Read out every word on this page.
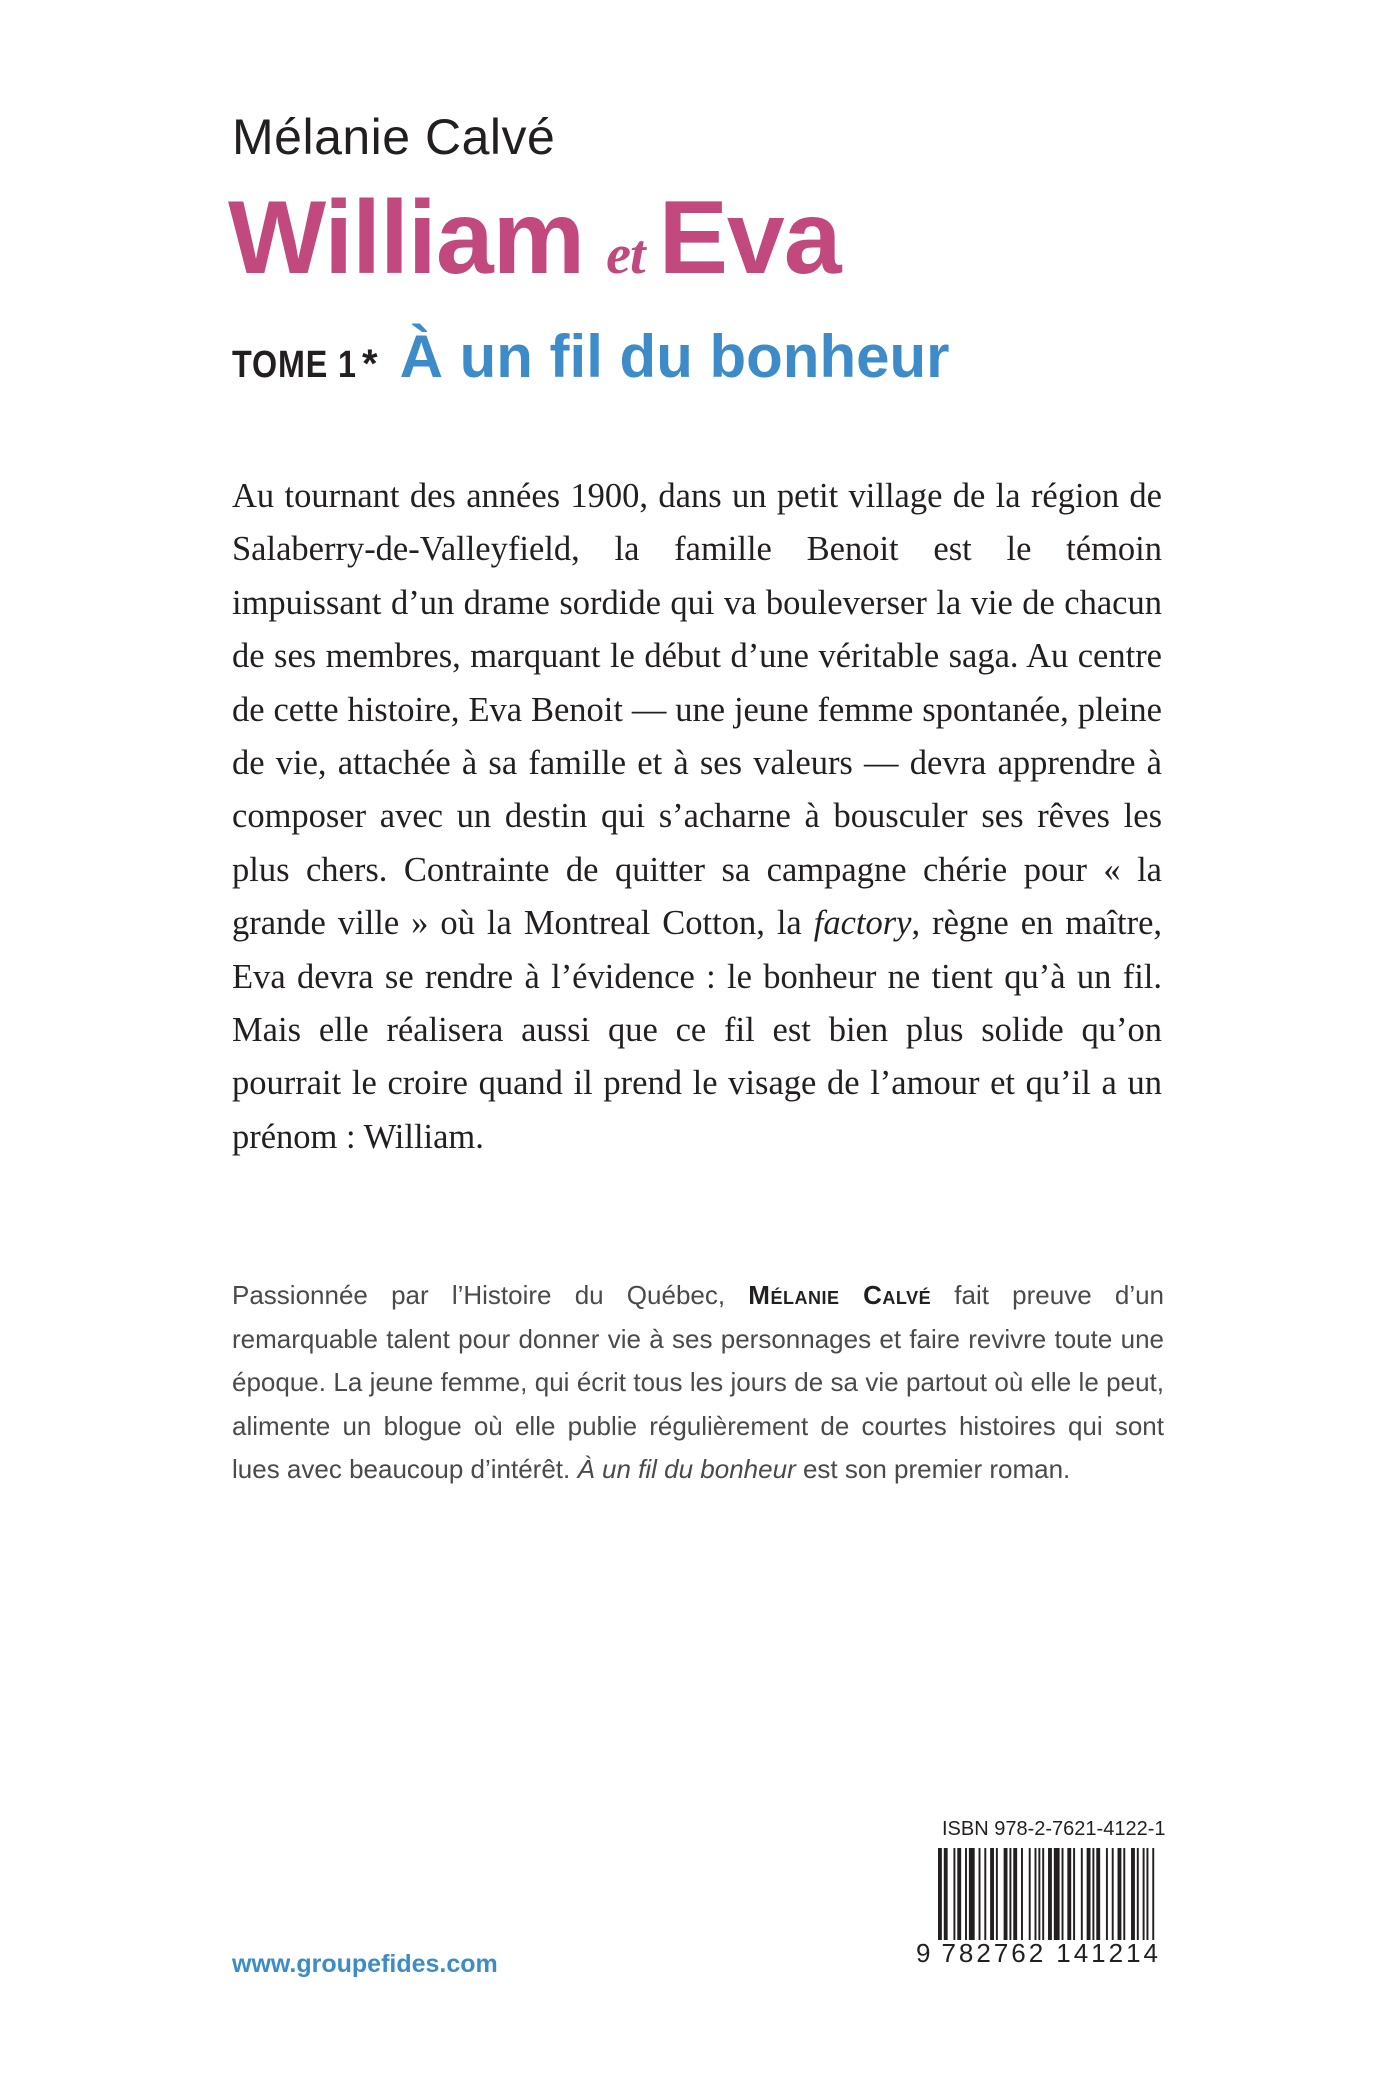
Mélanie Calvé
William et Eva
TOME 1 * À un fil du bonheur

Au tournant des années 1900, dans un petit village de la région de Salaberry-de-Valleyfield, la famille Benoit est le témoin impuissant d’un drame sordide qui va bouleverser la vie de chacun de ses membres, marquant le début d’une véritable saga. Au centre de cette histoire, Eva Benoit — une jeune femme spontanée, pleine de vie, attachée à sa famille et à ses valeurs — devra apprendre à composer avec un destin qui s’acharne à bousculer ses rêves les plus chers. Contrainte de quitter sa campagne chérie pour « la grande ville » où la Montreal Cotton, la factory, règne en maître, Eva devra se rendre à l’évidence : le bonheur ne tient qu’à un fil. Mais elle réalisera aussi que ce fil est bien plus solide qu’on pourrait le croire quand il prend le visage de l’amour et qu’il a un prénom : William.

Passionnée par l’Histoire du Québec, Mélanie Calvé fait preuve d’un remarquable talent pour donner vie à ses personnages et faire revivre toute une époque. La jeune femme, qui écrit tous les jours de sa vie partout où elle le peut, alimente un blogue où elle publie régulièrement de courtes histoires qui sont lues avec beaucoup d’intérêt. À un fil du bonheur est son premier roman.

www.groupefides.com
ISBN 978-2-7621-4122-1
9 782762 141214
